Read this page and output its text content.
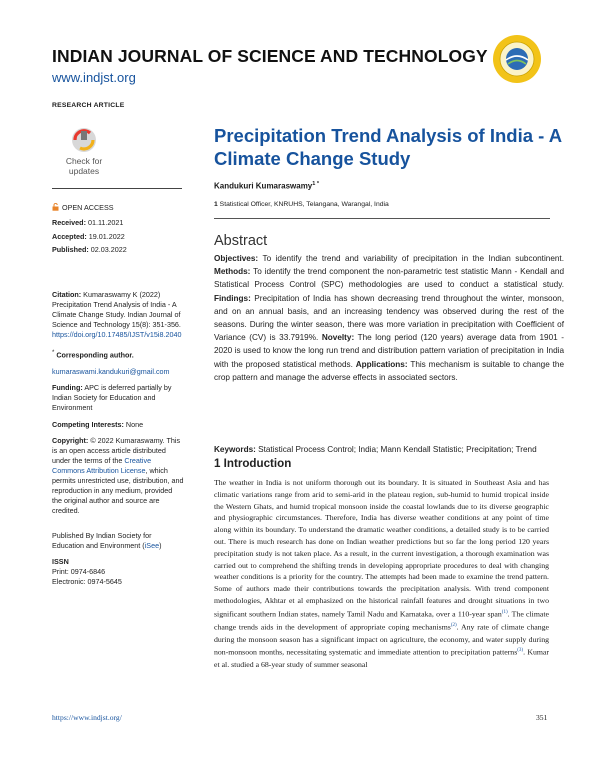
INDIAN JOURNAL OF SCIENCE AND TECHNOLOGY
www.indjst.org
RESEARCH ARTICLE
Precipitation Trend Analysis of India - A
Climate Change Study
Check for
updates
OPEN ACCESS
Received: 01.11.2021
Accepted: 19.01.2022
Published: 02.03.2022
Citation: Kumaraswamy K (2022) Precipitation Trend Analysis of India - A Climate Change Study. Indian Journal of Science and Technology 15(8): 351-356. https://doi.org/10.17485/IJST/v15i8.2040
* Corresponding author.
kumaraswami.kandukuri@gmail.com
Funding: APC is deferred partially by Indian Society for Education and Environment
Competing Interests: None
Copyright: © 2022 Kumaraswamy. This is an open access article distributed under the terms of the Creative Commons Attribution License, which permits unrestricted use, distribution, and reproduction in any medium, provided the original author and source are credited.
Published By Indian Society for Education and Environment (iSee)
ISSN
Print: 0974-6846
Electronic: 0974-5645
Kandukuri Kumaraswamy$^{1 *}$
1 Statistical Officer, KNRUHS, Telangana, Warangal, India
Abstract
Objectives: To identify the trend and variability of precipitation in the Indian subcontinent. Methods: To identify the trend component the non-parametric test statistic Mann - Kendall and Statistical Process Control (SPC) methodologies are used to conduct a statistical study. Findings: Precipitation of India has shown decreasing trend throughout the winter, monsoon, and on an annual basis, and an increasing tendency was observed during the rest of the seasons. During the winter season, there was more variation in precipitation with Coefficient of Variance (CV) is 33.7919%. Novelty: The long period (120 years) average data from 1901 - 2020 is used to know the long run trend and distribution pattern variation of precipitation in India with the proposed statistical methods. Applications: This mechanism is suitable to change the crop pattern and manage the adverse effects in associated sectors.
Keywords: Statistical Process Control; India; Mann Kendall Statistic; Precipitation; Trend
1 Introduction
The weather in India is not uniform thorough out its boundary. It is situated in Southeast Asia and has climatic variations range from arid to semi-arid in the plateau region, sub-humid to humid tropical inside the Western Ghats, and humid tropical monsoon inside the coastal lowlands due to its diverse geographic and physiographic circumstances. Therefore, India has diverse weather conditions at any point of time along within its boundary. To understand the dramatic weather conditions, a detailed study is to be carried out. There is much research has done on Indian weather predictions but so far the long period 120 years precipitation study is not taken place. As a result, in the current investigation, a thorough examination was carried out to comprehend the shifting trends in developing appropriate procedures to deal with changing weather conditions is a priority for the country. The attempts had been made to examine the trend pattern. Some of authors made their contributions towards the precipitation analysis. With trend component methodologies, Akhtar et al emphasized on the historical rainfall features and drought situations in two significant southern Indian states, namely Tamil Nadu and Karnataka, over a 110-year span$^{(1)}$. The climate change trends aids in the development of appropriate coping mechanisms$^{(2)}$. Any rate of climate change during the monsoon season has a significant impact on agriculture, the economy, and water supply during non-monsoon months, necessitating systematic and immediate attention to precipitation patterns$^{(3)}$. Kumar et al. studied a 68-year study of summer seasonal
https://www.indjst.org/	351
